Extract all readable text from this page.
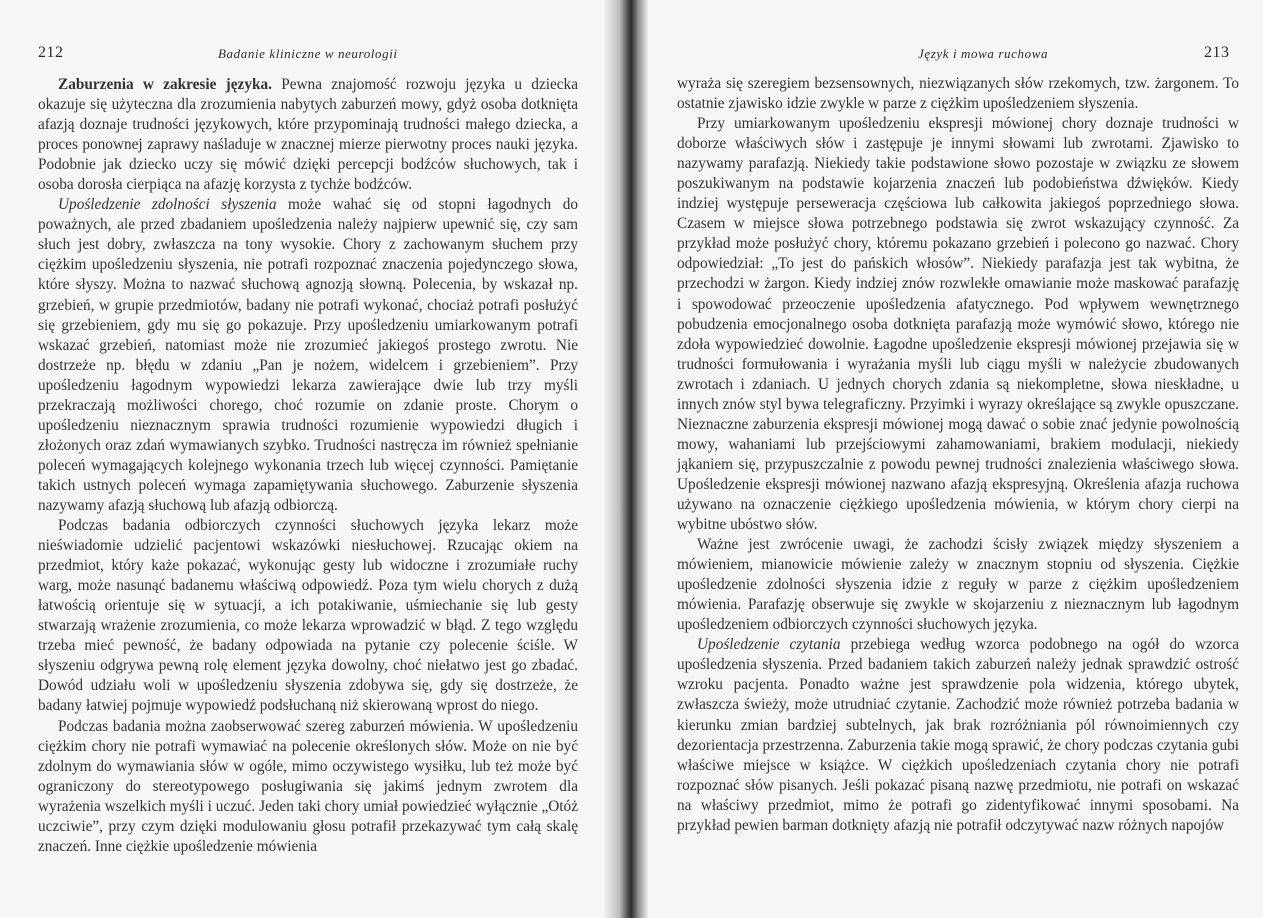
212	Badanie kliniczne w neurologii

Zaburzenia w zakresie języka. Pewna znajomość rozwoju języka u dziecka okazuje się użyteczna dla zrozumienia nabytych zaburzeń mowy, gdyż osoba dotknięta afazją doznaje trudności językowych, które przypominają trudności małego dziecka, a proces ponownej zaprawy naśladuje w znacznej mierze pierwotny proces nauki języka. Podobnie jak dziecko uczy się mówić dzięki percepcji bodźców słuchowych, tak i osoba dorosła cierpiąca na afazję korzysta z tychże bodźców.

Upośledzenie zdolności słyszenia może wahać się od stopni łagodnych do poważnych, ale przed zbadaniem upośledzenia należy najpierw upewnić się, czy sam słuch jest dobry, zwłaszcza na tony wysokie. Chory z zachowanym słuchem przy ciężkim upośledzeniu słyszenia, nie potrafi rozpoznać znaczenia pojedynczego słowa, które słyszy. Można to nazwać słuchową agnozją słowną. Polecenia, by wskazał np. grzebień, w grupie przedmiotów, badany nie potrafi wykonać, chociaż potrafi posłużyć się grzebieniem, gdy mu się go pokazuje. Przy upośledzeniu umiarkowanym potrafi wskazać grzebień, natomiast może nie zrozumieć jakiegoś prostego zwrotu. Nie dostrzeże np. błędu w zdaniu „Pan je nożem, widelcem i grzebieniem”. Przy upośledzeniu łagodnym wypowiedzi lekarza zawierające dwie lub trzy myśli przekraczają możliwości chorego, choć rozumie on zdanie proste. Chorym o upośledzeniu nieznacznym sprawia trudności rozumienie wypowiedzi długich i złożonych oraz zdań wymawianych szybko. Trudności nastręcza im również spełnianie poleceń wymagających kolejnego wykonania trzech lub więcej czynności. Pamiętanie takich ustnych poleceń wymaga zapamiętywania słuchowego. Zaburzenie słyszenia nazywamy afazją słuchową lub afazją odbiorczą.

Podczas badania odbiorczych czynności słuchowych języka lekarz może nieświadomie udzielić pacjentowi wskazówki niesłuchowej. Rzucając okiem na przedmiot, który każe pokazać, wykonując gesty lub widoczne i zrozumiałe ruchy warg, może nasunąć badanemu właściwą odpowiedź. Poza tym wielu chorych z dużą łatwością orientuje się w sytuacji, a ich potakiwanie, uśmiechanie się lub gesty stwarzają wrażenie zrozumienia, co może lekarza wprowadzić w błąd. Z tego względu trzeba mieć pewność, że badany odpowiada na pytanie czy polecenie ściśle. W słyszeniu odgrywa pewną rolę element języka dowolny, choć niełatwo jest go zbadać. Dowód udziału woli w upośledzeniu słyszenia zdobywa się, gdy się dostrzeże, że badany łatwiej pojmuje wypowiedź podsłuchaną niż skierowaną wprost do niego.

Podczas badania można zaobserwować szereg zaburzeń mówienia. W upośledzeniu ciężkim chory nie potrafi wymawiać na polecenie określonych słów. Może on nie być zdolnym do wymawiania słów w ogóle, mimo oczywistego wysiłku, lub też może być ograniczony do stereotypowego posługiwania się jakimś jednym zwrotem dla wyrażenia wszelkich myśli i uczuć. Jeden taki chory umiał powiedzieć wyłącznie „Otóż uczciwie”, przy czym dzięki modulowaniu głosu potrafił przekazywać tym całą skalę znaczeń. Inne ciężkie upośledzenie mówienia

Język i mowa ruchowa	213

wyraża się szeregiem bezsensownych, niezwiązanych słów rzekomych, tzw. żargonem. To ostatnie zjawisko idzie zwykle w parze z ciężkim upośledzeniem słyszenia.

Przy umiarkowanym upośledzeniu ekspresji mówionej chory doznaje trudności w doborze właściwych słów i zastępuje je innymi słowami lub zwrotami. Zjawisko to nazywamy parafazją. Niekiedy takie podstawione słowo pozostaje w związku ze słowem poszukiwanym na podstawie kojarzenia znaczeń lub podobieństwa dźwięków. Kiedy indziej występuje perseweracja częściowa lub całkowita jakiegoś poprzedniego słowa. Czasem w miejsce słowa potrzebnego podstawia się zwrot wskazujący czynność. Za przykład może posłużyć chory, któremu pokazano grzebień i polecono go nazwać. Chory odpowiedział: „To jest do pańskich włosów”. Niekiedy parafazja jest tak wybitna, że przechodzi w żargon. Kiedy indziej znów rozwlekłe omawianie może maskować parafazję i spowodować przeoczenie upośledzenia afatycznego. Pod wpływem wewnętrznego pobudzenia emocjonalnego osoba dotknięta parafazją może wymówić słowo, którego nie zdoła wypowiedzieć dowolnie. Łagodne upośledzenie ekspresji mówionej przejawia się w trudności formułowania i wyrażania myśli lub ciągu myśli w należycie zbudowanych zwrotach i zdaniach. U jednych chorych zdania są niekompletne, słowa nieskładne, u innych znów styl bywa telegraficzny. Przyimki i wyrazy określające są zwykle opuszczane. Nieznaczne zaburzenia ekspresji mówionej mogą dawać o sobie znać jedynie powolnością mowy, wahaniami lub przejściowymi zahamowaniami, brakiem modulacji, niekiedy jąkaniem się, przypuszczalnie z powodu pewnej trudności znalezienia właściwego słowa. Upośledzenie ekspresji mówionej nazwano afazją ekspresyjną. Określenia afazja ruchowa używano na oznaczenie ciężkiego upośledzenia mówienia, w którym chory cierpi na wybitne ubóstwo słów.

Ważne jest zwrócenie uwagi, że zachodzi ścisły związek między słyszeniem a mówieniem, mianowicie mówienie zależy w znacznym stopniu od słyszenia. Ciężkie upośledzenie zdolności słyszenia idzie z reguły w parze z ciężkim upośledzeniem mówienia. Parafazję obserwuje się zwykle w skojarzeniu z nieznacznym lub łagodnym upośledzeniem odbiorczych czynności słuchowych języka.

Upośledzenie czytania przebiega według wzorca podobnego na ogół do wzorca upośledzenia słyszenia. Przed badaniem takich zaburzeń należy jednak sprawdzić ostrość wzroku pacjenta. Ponadto ważne jest sprawdzenie pola widzenia, którego ubytek, zwłaszcza świeży, może utrudniać czytanie. Zachodzić może również potrzeba badania w kierunku zmian bardziej subtelnych, jak brak rozróżniania pól równoimiennych czy dezorientacja przestrzenna. Zaburzenia takie mogą sprawić, że chory podczas czytania gubi właściwe miejsce w książce. W ciężkich upośledzeniach czytania chory nie potrafi rozpoznać słów pisanych. Jeśli pokazać pisaną nazwę przedmiotu, nie potrafi on wskazać na właściwy przedmiot, mimo że potrafi go zidentyfikować innymi sposobami. Na przykład pewien barman dotknięty afazją nie potrafił odczytywać nazw różnych napojów
